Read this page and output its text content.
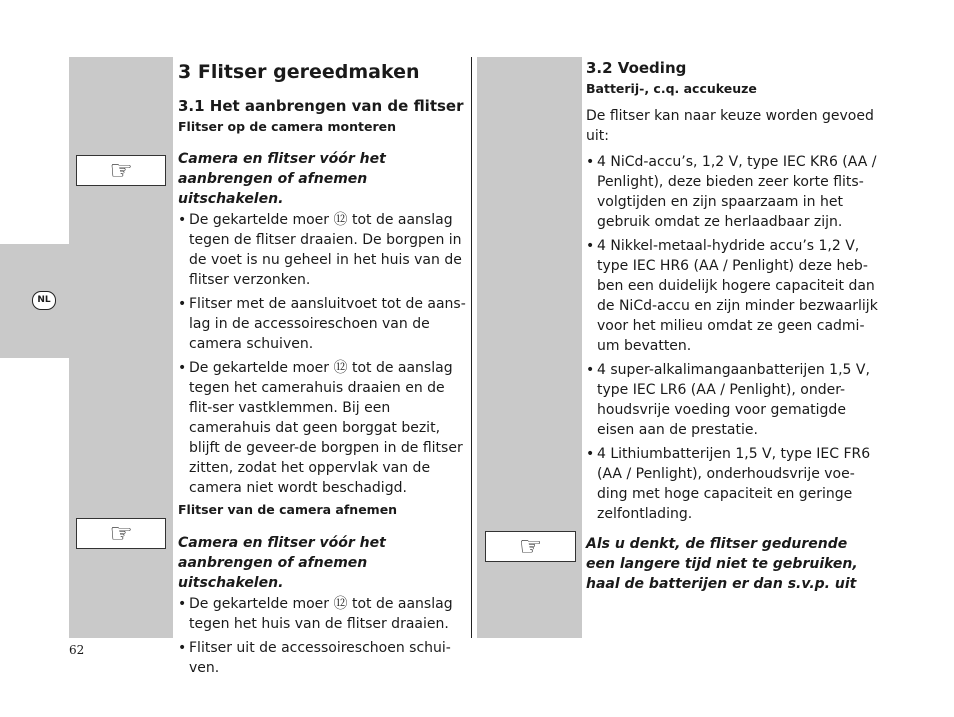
NL
☞
☞	☞
3 Flitser gereedmaken
3.1 Het aanbrengen van de flitser
Flitser op de camera monteren
Camera en flitser vóór het aanbrengen of afnemen uitschakelen.
• De gekartelde moer ⑫ tot de aanslag tegen de flitser draaien. De borgpen in de voet is nu geheel in het huis van de flitser verzonken.
• Flitser met de aansluitvoet tot de aans-lag in de accessoireschoen van de camera schuiven.
• De gekartelde moer ⑫ tot de aanslag tegen het camerahuis draaien en de flit-ser vastklemmen. Bij een camerahuis dat geen borggat bezit, blijft de geveer-de borgpen in de flitser zitten, zodat het oppervlak van de camera niet wordt beschadigd.
Flitser van de camera afnemen
Camera en flitser vóór het aanbrengen of afnemen uitschakelen.
• De gekartelde moer ⑫ tot de aanslag tegen het huis van de flitser draaien.
• Flitser uit de accessoireschoen schui-ven.
3.2 Voeding
Batterij-, c.q. accukeuze
De flitser kan naar keuze worden gevoed uit:
• 4 NiCd-accu’s, 1,2 V, type IEC KR6 (AA / Penlight), deze bieden zeer korte flits-volgtijden en zijn spaarzaam in het gebruik omdat ze herlaadbaar zijn.
• 4 Nikkel-metaal-hydride accu’s 1,2 V, type IEC HR6 (AA / Penlight) deze heb-ben een duidelijk hogere capaciteit dan de NiCd-accu en zijn minder bezwaarlijk voor het milieu omdat ze geen cadmi-um bevatten.
• 4 super-alkalimangaanbatterijen 1,5 V, type IEC LR6 (AA / Penlight), onder-houdsvrije voeding voor gematigde eisen aan de prestatie.
• 4 Lithiumbatterijen 1,5 V, type IEC FR6 (AA / Penlight), onderhoudsvrije voe-ding met hoge capaciteit en geringe zelfontlading.
Als u denkt, de flitser gedurende een langere tijd niet te gebruiken, haal de batterijen er dan s.v.p. uit
62
